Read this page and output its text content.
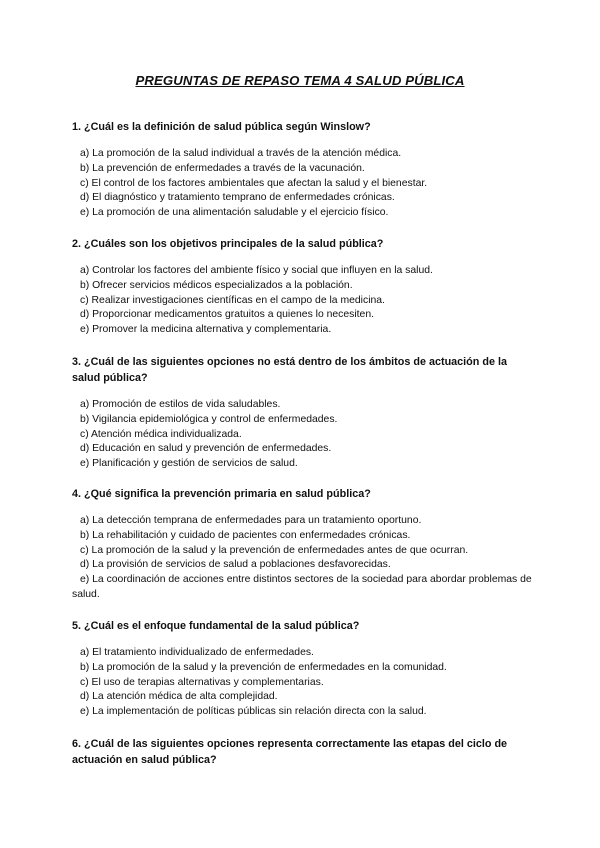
PREGUNTAS DE REPASO TEMA 4 SALUD PÚBLICA

1. ¿Cuál es la definición de salud pública según Winslow?

a) La promoción de la salud individual a través de la atención médica.
b) La prevención de enfermedades a través de la vacunación.
c) El control de los factores ambientales que afectan la salud y el bienestar.
d) El diagnóstico y tratamiento temprano de enfermedades crónicas.
e) La promoción de una alimentación saludable y el ejercicio físico.

2. ¿Cuáles son los objetivos principales de la salud pública?

a) Controlar los factores del ambiente físico y social que influyen en la salud.
b) Ofrecer servicios médicos especializados a la población.
c) Realizar investigaciones científicas en el campo de la medicina.
d) Proporcionar medicamentos gratuitos a quienes lo necesiten.
e) Promover la medicina alternativa y complementaria.

3. ¿Cuál de las siguientes opciones no está dentro de los ámbitos de actuación de la salud pública?

a) Promoción de estilos de vida saludables.
b) Vigilancia epidemiológica y control de enfermedades.
c) Atención médica individualizada.
d) Educación en salud y prevención de enfermedades.
e) Planificación y gestión de servicios de salud.

4. ¿Qué significa la prevención primaria en salud pública?

a) La detección temprana de enfermedades para un tratamiento oportuno.
b) La rehabilitación y cuidado de pacientes con enfermedades crónicas.
c) La promoción de la salud y la prevención de enfermedades antes de que ocurran.
d) La provisión de servicios de salud a poblaciones desfavorecidas.
e) La coordinación de acciones entre distintos sectores de la sociedad para abordar problemas de salud.

5. ¿Cuál es el enfoque fundamental de la salud pública?

a) El tratamiento individualizado de enfermedades.
b) La promoción de la salud y la prevención de enfermedades en la comunidad.
c) El uso de terapias alternativas y complementarias.
d) La atención médica de alta complejidad.
e) La implementación de políticas públicas sin relación directa con la salud.

6. ¿Cuál de las siguientes opciones representa correctamente las etapas del ciclo de actuación en salud pública?
